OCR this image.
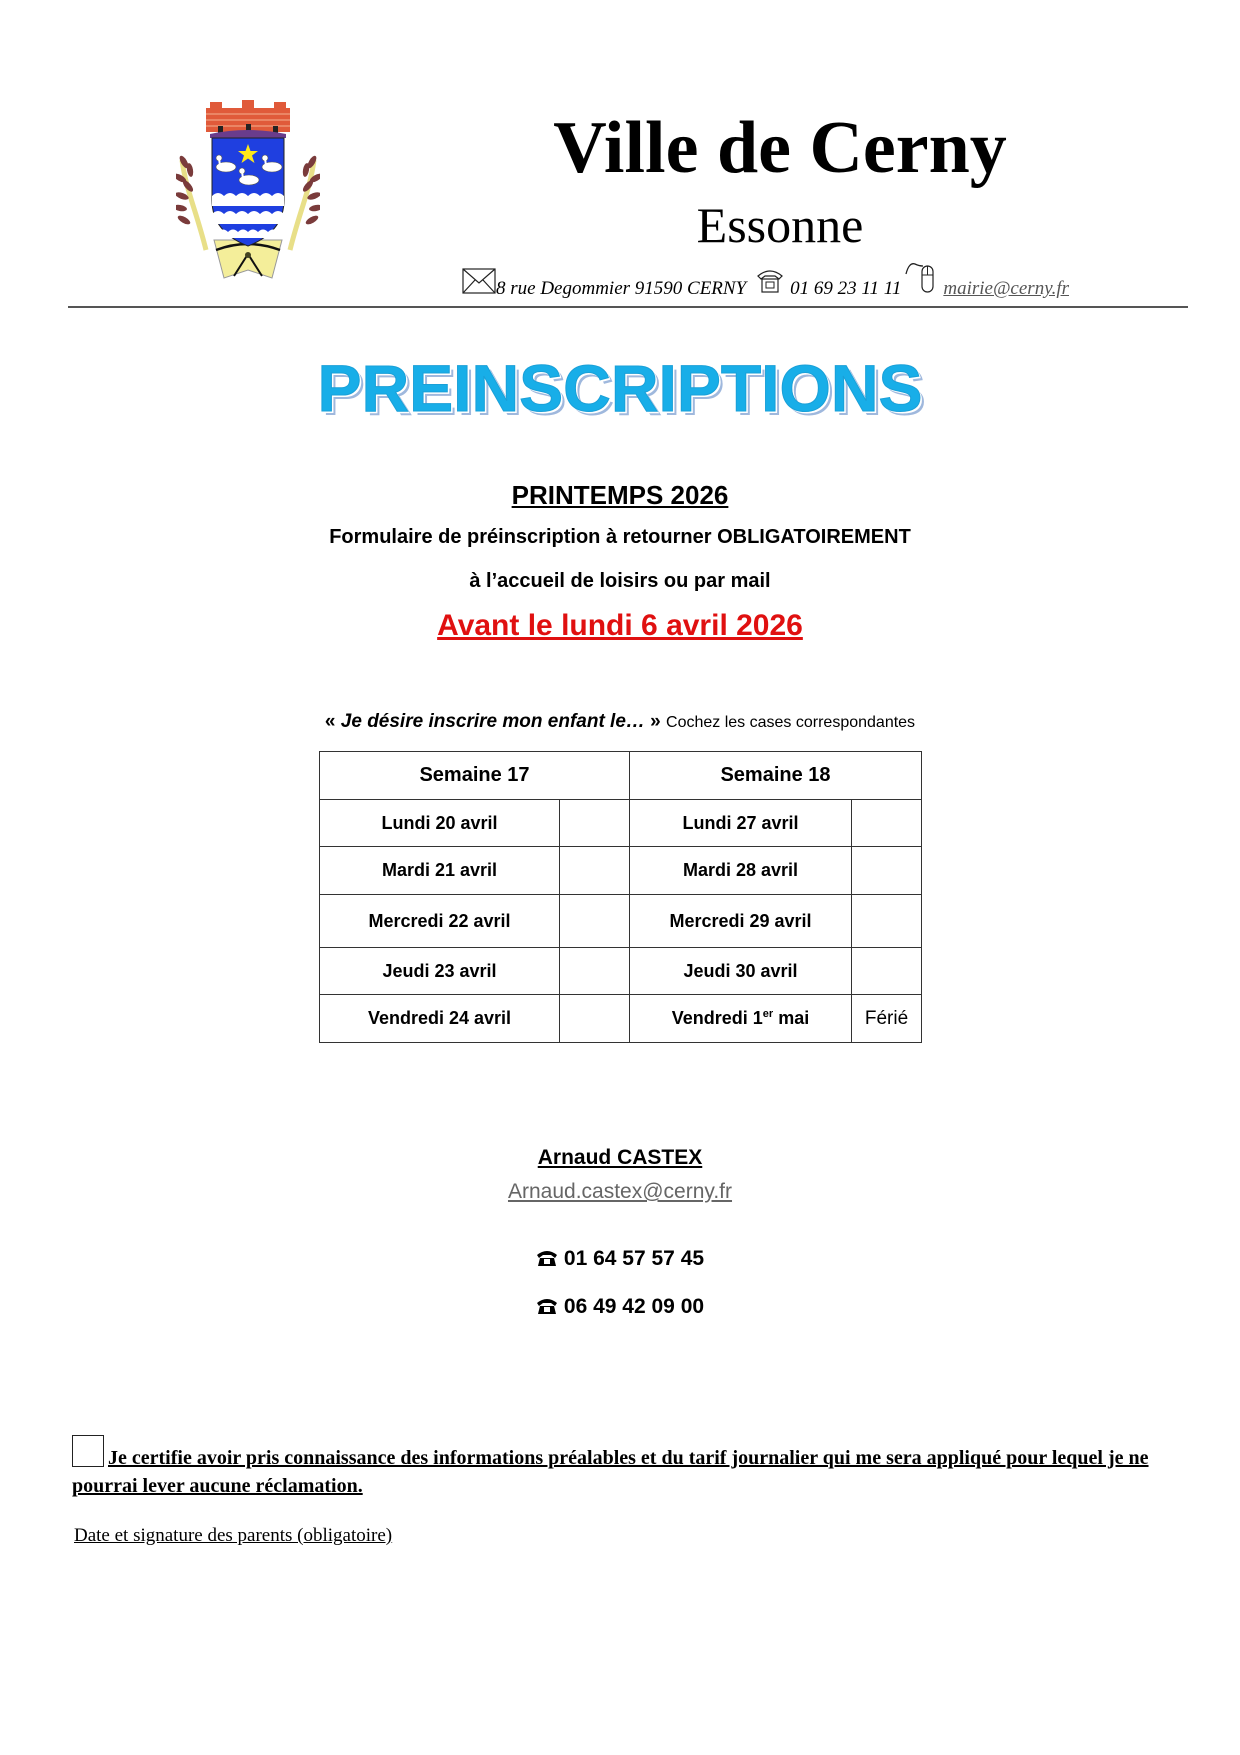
Ville de Cerny
Essonne
8 rue Degommier 91590 CERNY 01 69 23 11 11 mairie@cerny.fr
PREINSCRIPTIONS
PRINTEMPS 2026
Formulaire de préinscription à retourner OBLIGATOIREMENT
à l’accueil de loisirs ou par mail
Avant le lundi 6 avril 2026
« Je désire inscrire mon enfant le… » Cochez les cases correspondantes
Semaine 17		Semaine 18	
Lundi 20 avril		Lundi 27 avril	
Mardi 21 avril		Mardi 28 avril	
Mercredi 22 avril		Mercredi 29 avril	
Jeudi 23 avril		Jeudi 30 avril	
Vendredi 24 avril		Vendredi 1er mai	Férié
Arnaud CASTEX
Arnaud.castex@cerny.fr
01 64 57 57 45
06 49 42 09 00
Je certifie avoir pris connaissance des informations préalables et du tarif journalier qui me sera appliqué pour lequel je ne pourrai lever aucune réclamation.
Date et signature des parents (obligatoire)
